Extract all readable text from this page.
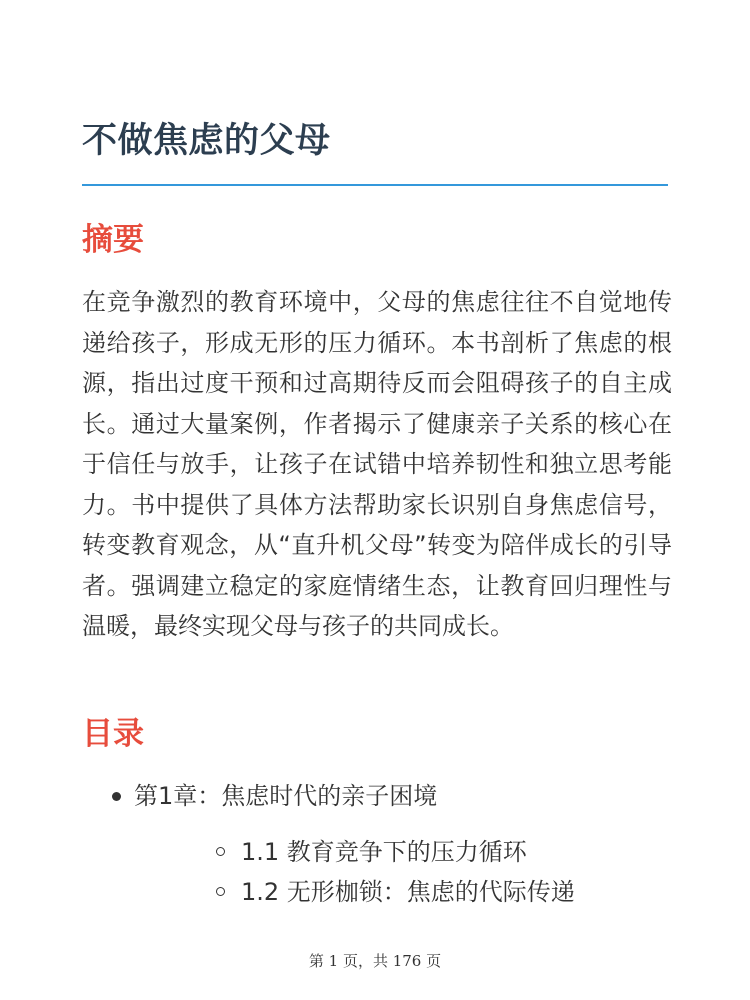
不做焦虑的父母
摘要

在竞争激烈的教育环境中，父母的焦虑往往不自觉地传递给孩子，形成无形的压力循环。本书剖析了焦虑的根源，指出过度干预和过高期待反而会阻碍孩子的自主成长。通过大量案例，作者揭示了健康亲子关系的核心在于信任与放手，让孩子在试错中培养韧性和独立思考能力。书中提供了具体方法帮助家长识别自身焦虑信号，转变教育观念，从“直升机父母”转变为陪伴成长的引导者。强调建立稳定的家庭情绪生态，让教育回归理性与温暖，最终实现父母与孩子的共同成长。

目录
第1章：焦虑时代的亲子困境
1.1 教育竞争下的压力循环
1.2 无形枷锁：焦虑的代际传递
第 1 页，共 176 页
